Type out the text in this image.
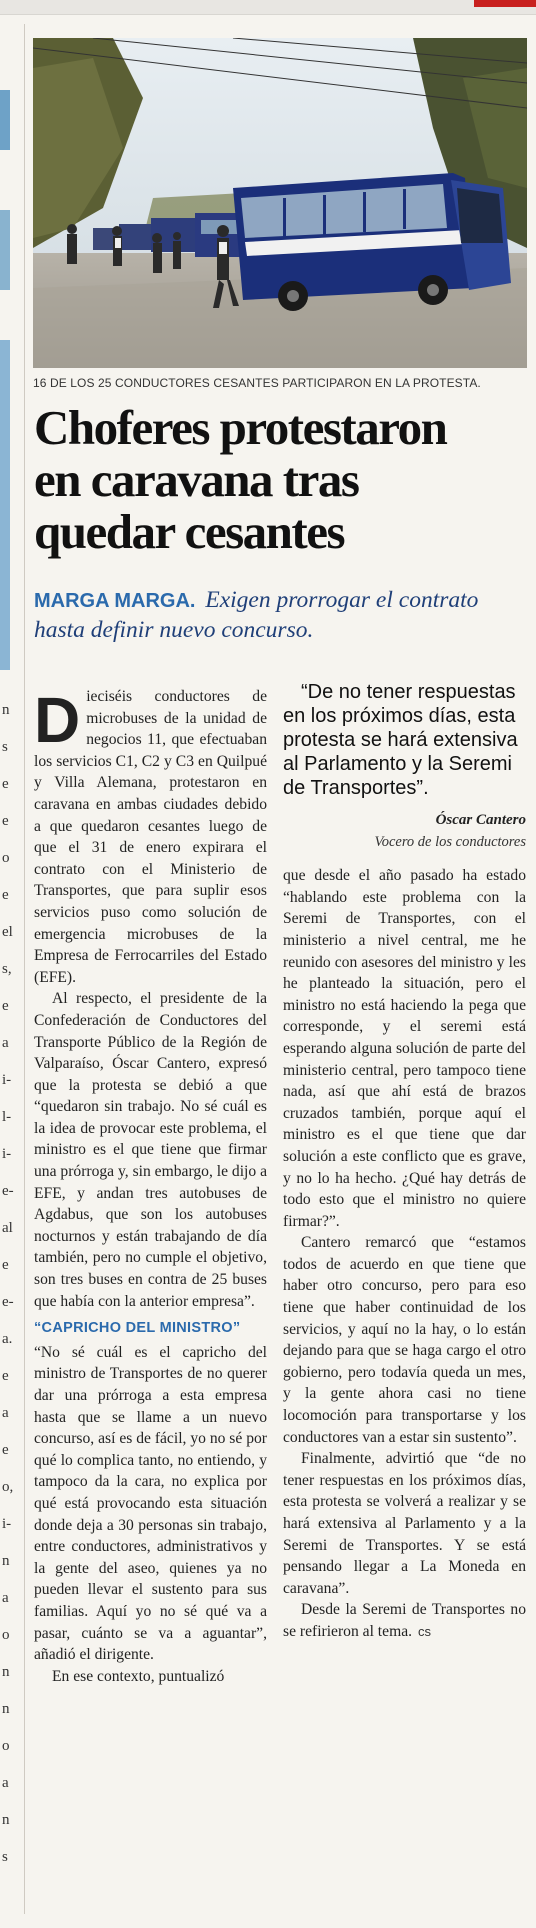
n
s
e
e
o
e
el
s,
e
a
i-
l-
i-
e-
al
e
e-
a.
e
a
e
o,
i-
n
a
o
n
n
o
a
n
s
16 DE LOS 25 CONDUCTORES CESANTES PARTICIPARON EN LA PROTESTA.
Choferes protestaron
en caravana tras
quedar cesantes
MARGA MARGA. Exigen prorrogar el contrato hasta definir nuevo concurso.

Dieciséis conductores de microbuses de la unidad de negocios 11, que efectuaban los servicios C1, C2 y C3 en Quilpué y Villa Alemana, protestaron en caravana en ambas ciudades debido a que quedaron cesantes luego de que el 31 de enero expirara el contrato con el Ministerio de Transportes, que para suplir esos servicios puso como solución de emergencia microbuses de la Empresa de Ferrocarriles del Estado (EFE).

Al respecto, el presidente de la Confederación de Conductores del Transporte Público de la Región de Valparaíso, Óscar Cantero, expresó que la protesta se debió a que “quedaron sin trabajo. No sé cuál es la idea de provocar este problema, el ministro es el que tiene que firmar una prórroga y, sin embargo, le dijo a EFE, y andan tres autobuses de Agdabus, que son los autobuses nocturnos y están trabajando de día también, pero no cumple el objetivo, son tres buses en contra de 25 buses que había con la anterior empresa”.

“CAPRICHO DEL MINISTRO”

“No sé cuál es el capricho del ministro de Transportes de no querer dar una prórroga a esta empresa hasta que se llame a un nuevo concurso, así es de fácil, yo no sé por qué lo complica tanto, no entiendo, y tampoco da la cara, no explica por qué está provocando esta situación donde deja a 30 personas sin trabajo, entre conductores, administrativos y la gente del aseo, quienes ya no pueden llevar el sustento para sus familias. Aquí yo no sé qué va a pasar, cuánto se va a aguantar”, añadió el dirigente.

En ese contexto, puntualizó

“De no tener respuestas en los próximos días, esta protesta se hará extensiva al Parlamento y la Seremi de Transportes”.

Óscar Cantero
Vocero de los conductores

que desde el año pasado ha estado “hablando este problema con la Seremi de Transportes, con el ministerio a nivel central, me he reunido con asesores del ministro y les he planteado la situación, pero el ministro no está haciendo la pega que corresponde, y el seremi está esperando alguna solución de parte del ministerio central, pero tampoco tiene nada, así que ahí está de brazos cruzados también, porque aquí el ministro es el que tiene que dar solución a este conflicto que es grave, y no lo ha hecho. ¿Qué hay detrás de todo esto que el ministro no quiere firmar?”.

Cantero remarcó que “estamos todos de acuerdo en que tiene que haber otro concurso, pero para eso tiene que haber continuidad de los servicios, y aquí no la hay, o lo están dejando para que se haga cargo el otro gobierno, pero todavía queda un mes, y la gente ahora casi no tiene locomoción para transportarse y los conductores van a estar sin sustento”.

Finalmente, advirtió que “de no tener respuestas en los próximos días, esta protesta se volverá a realizar y se hará extensiva al Parlamento y a la Seremi de Transportes. Y se está pensando llegar a La Moneda en caravana”.

Desde la Seremi de Transportes no se refirieron al tema. cs
